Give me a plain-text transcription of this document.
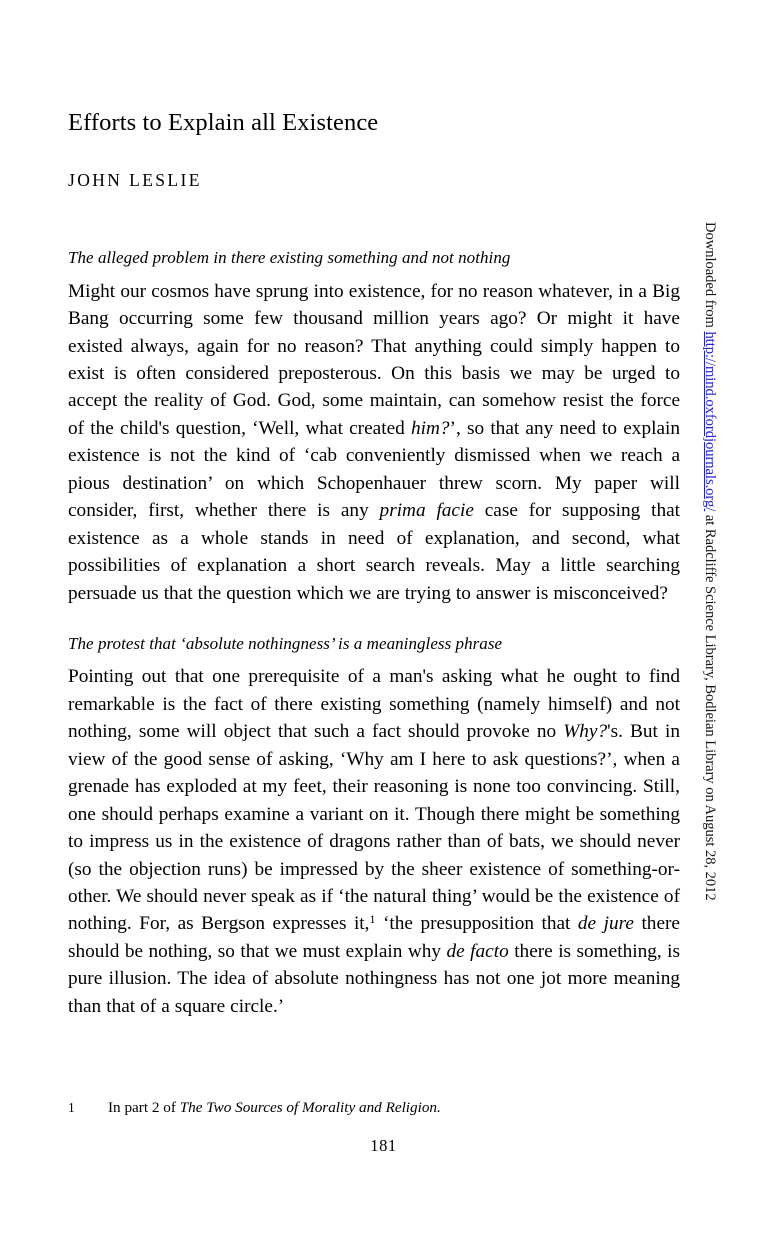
Efforts to Explain all Existence
JOHN LESLIE
The alleged problem in there existing something and not nothing

Might our cosmos have sprung into existence, for no reason whatever, in a Big Bang occurring some few thousand million years ago? Or might it have existed always, again for no reason? That anything could simply happen to exist is often considered preposterous. On this basis we may be urged to accept the reality of God. God, some maintain, can somehow resist the force of the child's question, ‘Well, what created him?’, so that any need to explain existence is not the kind of ‘cab conveniently dismissed when we reach a pious destination’ on which Schopenhauer threw scorn. My paper will consider, first, whether there is any prima facie case for supposing that existence as a whole stands in need of explanation, and second, what possibilities of explanation a short search reveals. May a little searching persuade us that the question which we are trying to answer is misconceived?

The protest that ‘absolute nothingness’ is a meaningless phrase

Pointing out that one prerequisite of a man's asking what he ought to find remarkable is the fact of there existing something (namely himself) and not nothing, some will object that such a fact should provoke no Why?'s. But in view of the good sense of asking, ‘Why am I here to ask questions?’, when a grenade has exploded at my feet, their reasoning is none too convincing. Still, one should perhaps examine a variant on it. Though there might be something to impress us in the existence of dragons rather than of bats, we should never (so the objection runs) be impressed by the sheer existence of something-or-other. We should never speak as if ‘the natural thing’ would be the existence of nothing. For, as Bergson expresses it,$^1$ ‘the presupposition that de jure there should be nothing, so that we must explain why de facto there is something, is pure illusion. The idea of absolute nothingness has not one jot more meaning than that of a square circle.’

1	In part 2 of The Two Sources of Morality and Religion.
181
Downloaded from http://mind.oxfordjournals.org/ at Radcliffe Science Library, Bodleian Library on August 28, 2012
